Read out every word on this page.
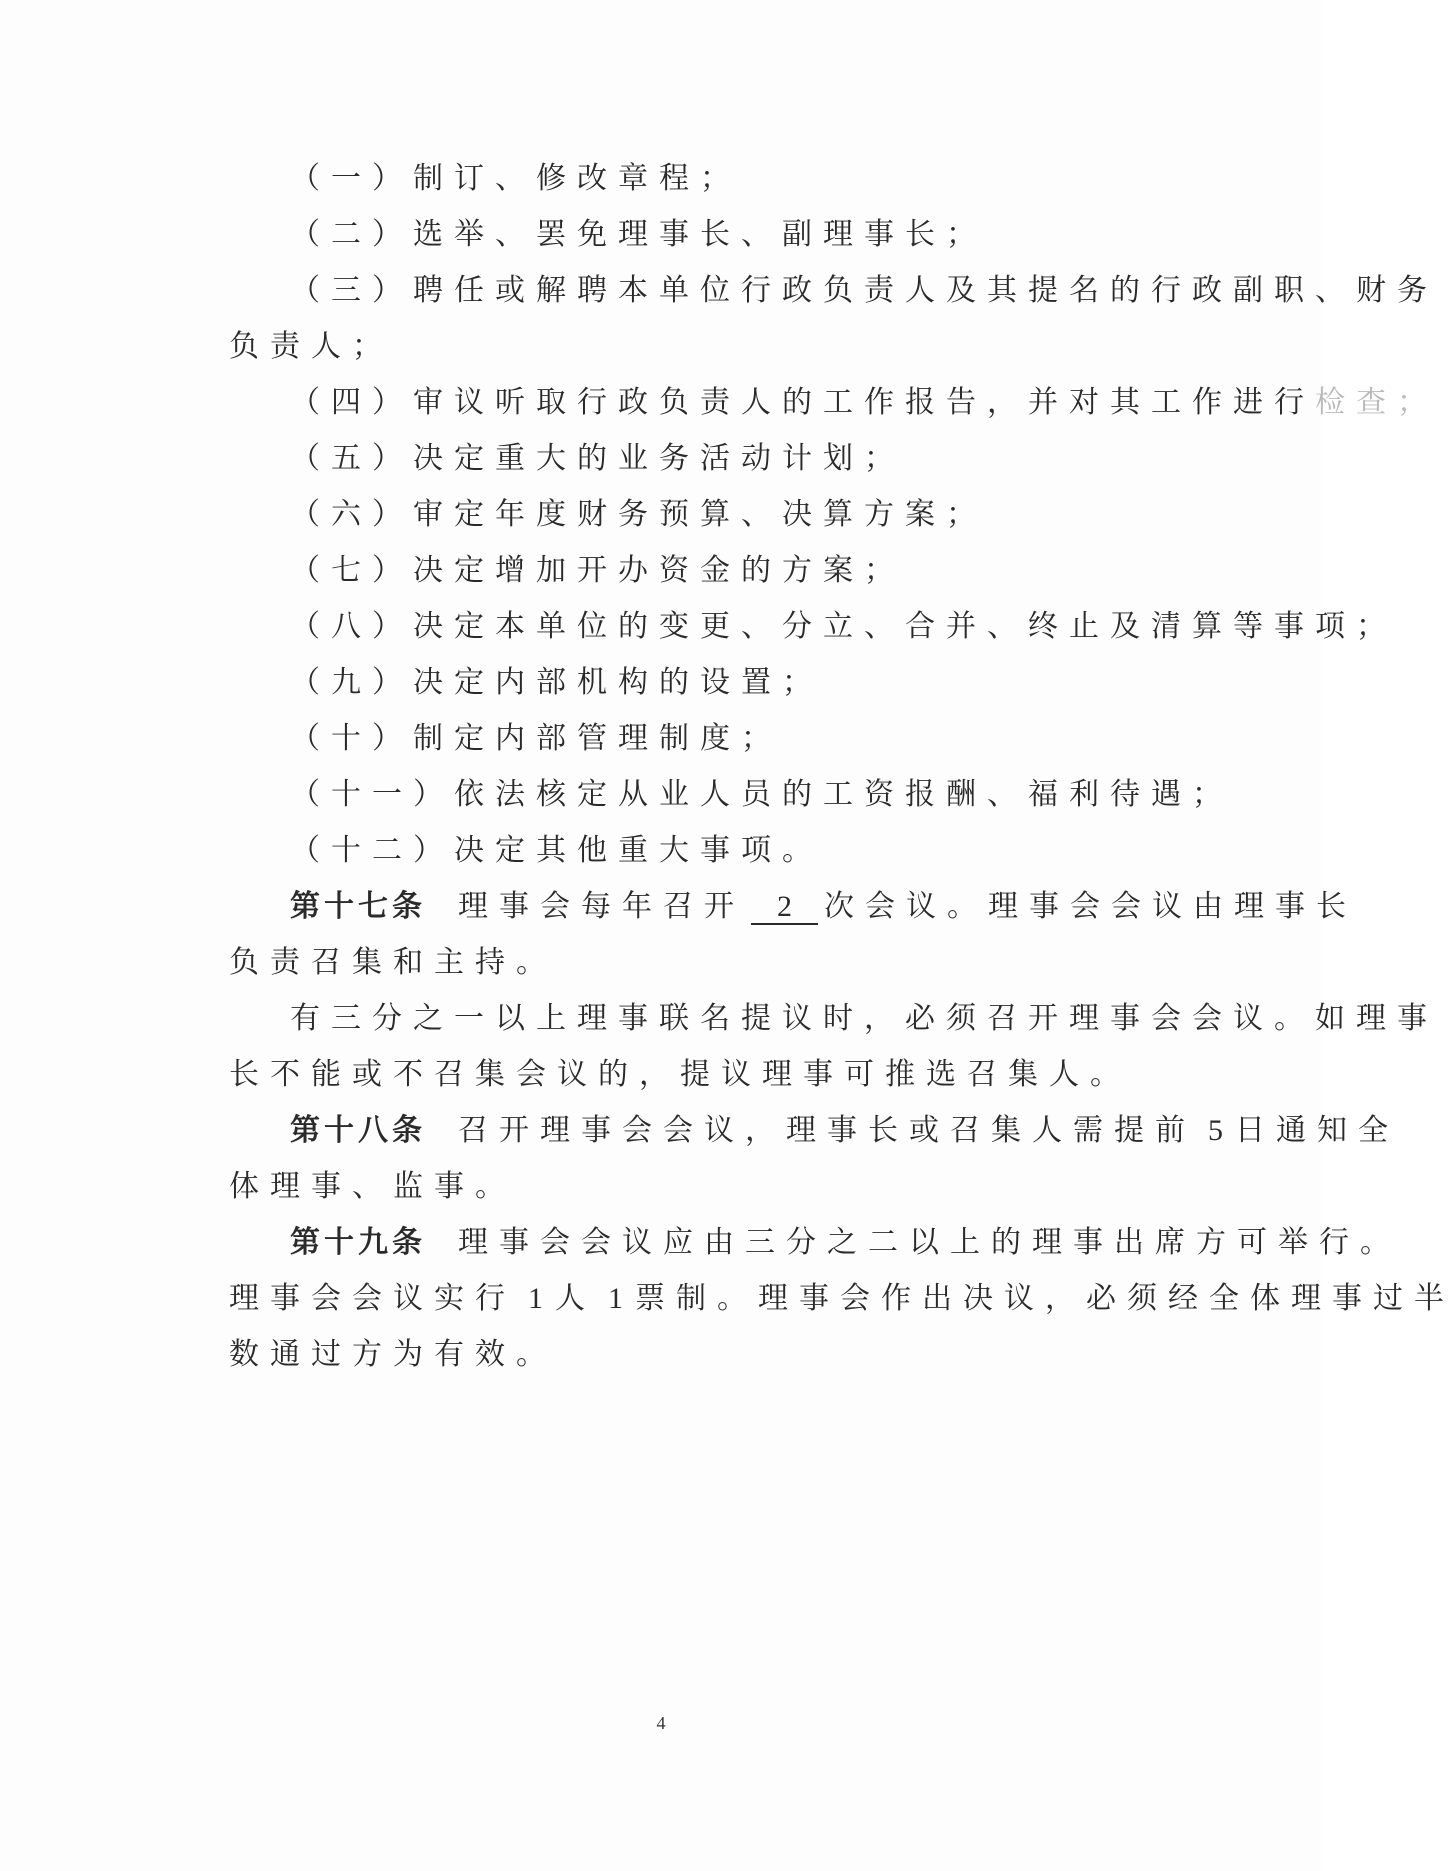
（一）制订、修改章程；
（二）选举、罢免理事长、副理事长；
（三）聘任或解聘本单位行政负责人及其提名的行政副职、财务
负责人；
（四）审议听取行政负责人的工作报告，并对其工作进行检查；
（五）决定重大的业务活动计划；
（六）审定年度财务预算、决算方案；
（七）决定增加开办资金的方案；
（八）决定本单位的变更、分立、合并、终止及清算等事项；
（九）决定内部机构的设置；
（十）制定内部管理制度；
（十一）依法核定从业人员的工资报酬、福利待遇；
（十二）决定其他重大事项。
第十七条 理事会每年召开 2 次会议。理事会会议由理事长
负责召集和主持。
有三分之一以上理事联名提议时，必须召开理事会会议。如理事
长不能或不召集会议的，提议理事可推选召集人。
第十八条 召开理事会会议，理事长或召集人需提前 5 日通知全
体理事、监事。
第十九条 理事会会议应由三分之二以上的理事出席方可举行。
理事会会议实行 1 人 1 票制。理事会作出决议，必须经全体理事过半
数通过方为有效。
4
